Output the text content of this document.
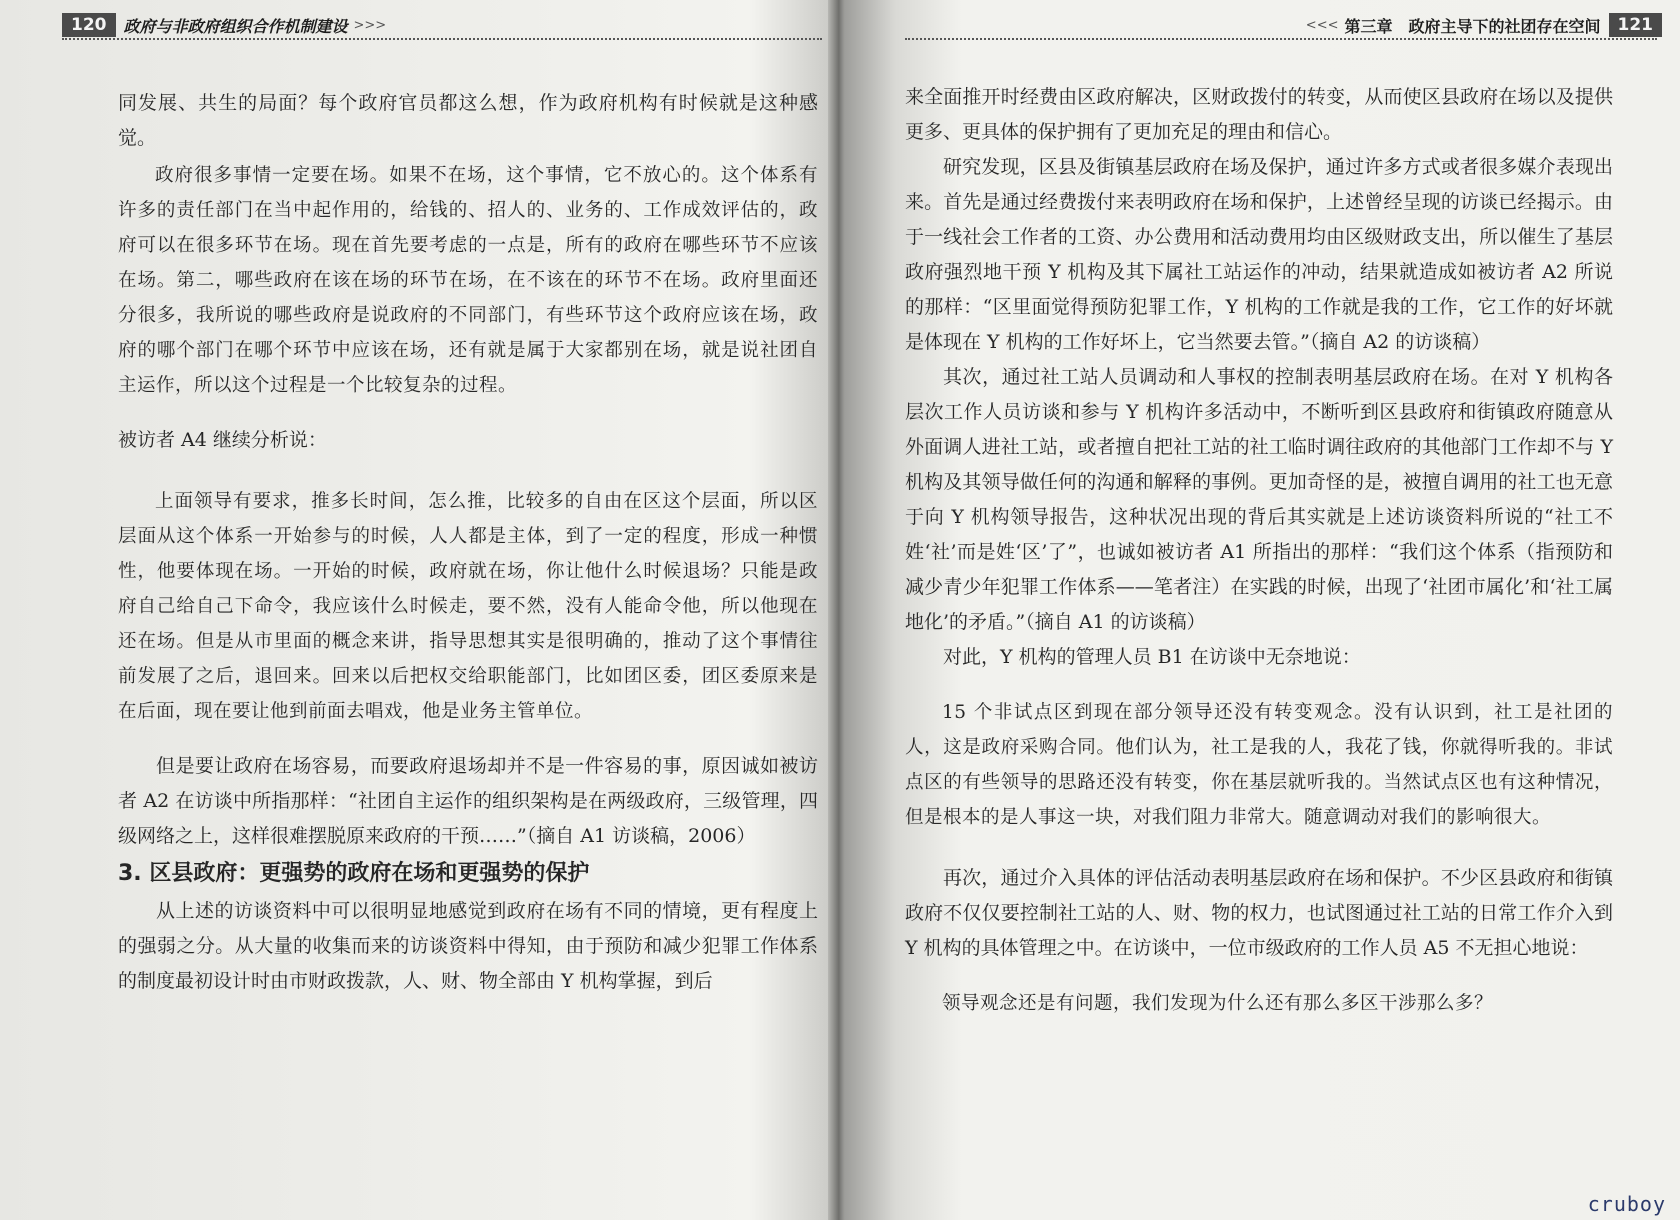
120	政府与非政府组织合作机制建设 >>>

同发展、共生的局面？每个政府官员都这么想，作为政府机构有时候就是这种感觉。

政府很多事情一定要在场。如果不在场，这个事情，它不放心的。这个体系有许多的责任部门在当中起作用的，给钱的、招人的、业务的、工作成效评估的，政府可以在很多环节在场。现在首先要考虑的一点是，所有的政府在哪些环节不应该在场。第二，哪些政府在该在场的环节在场，在不该在的环节不在场。政府里面还分很多，我所说的哪些政府是说政府的不同部门，有些环节这个政府应该在场，政府的哪个部门在哪个环节中应该在场，还有就是属于大家都别在场，就是说社团自主运作，所以这个过程是一个比较复杂的过程。

被访者 A4 继续分析说：

上面领导有要求，推多长时间，怎么推，比较多的自由在区这个层面，所以区层面从这个体系一开始参与的时候，人人都是主体，到了一定的程度，形成一种惯性，他要体现在场。一开始的时候，政府就在场，你让他什么时候退场？只能是政府自己给自己下命令，我应该什么时候走，要不然，没有人能命令他，所以他现在还在场。但是从市里面的概念来讲，指导思想其实是很明确的，推动了这个事情往前发展了之后，退回来。回来以后把权交给职能部门，比如团区委，团区委原来是在后面，现在要让他到前面去唱戏，他是业务主管单位。

但是要让政府在场容易，而要政府退场却并不是一件容易的事，原因诚如被访者 A2 在访谈中所指那样：“社团自主运作的组织架构是在两级政府，三级管理，四级网络之上，这样很难摆脱原来政府的干预……”（摘自 A1 访谈稿，2006）

3. 区县政府：更强势的政府在场和更强势的保护

从上述的访谈资料中可以很明显地感觉到政府在场有不同的情境，更有程度上的强弱之分。从大量的收集而来的访谈资料中得知，由于预防和减少犯罪工作体系的制度最初设计时由市财政拨款，人、财、物全部由 Y 机构掌握，到后

<<< 第三章　政府主导下的社团存在空间	121

来全面推开时经费由区政府解决，区财政拨付的转变，从而使区县政府在场以及提供更多、更具体的保护拥有了更加充足的理由和信心。

研究发现，区县及街镇基层政府在场及保护，通过许多方式或者很多媒介表现出来。首先是通过经费拨付来表明政府在场和保护，上述曾经呈现的访谈已经揭示。由于一线社会工作者的工资、办公费用和活动费用均由区级财政支出，所以催生了基层政府强烈地干预 Y 机构及其下属社工站运作的冲动，结果就造成如被访者 A2 所说的那样：“区里面觉得预防犯罪工作，Y 机构的工作就是我的工作，它工作的好坏就是体现在 Y 机构的工作好坏上，它当然要去管。”（摘自 A2 的访谈稿）

其次，通过社工站人员调动和人事权的控制表明基层政府在场。在对 Y 机构各层次工作人员访谈和参与 Y 机构许多活动中，不断听到区县政府和街镇政府随意从外面调人进社工站，或者擅自把社工站的社工临时调往政府的其他部门工作却不与 Y 机构及其领导做任何的沟通和解释的事例。更加奇怪的是，被擅自调用的社工也无意于向 Y 机构领导报告，这种状况出现的背后其实就是上述访谈资料所说的“社工不姓‘社’而是姓‘区’了”，也诚如被访者 A1 所指出的那样：“我们这个体系（指预防和减少青少年犯罪工作体系——笔者注）在实践的时候，出现了‘社团市属化’和‘社工属地化’的矛盾。”（摘自 A1 的访谈稿）

对此，Y 机构的管理人员 B1 在访谈中无奈地说：

15 个非试点区到现在部分领导还没有转变观念。没有认识到，社工是社团的人，这是政府采购合同。他们认为，社工是我的人，我花了钱，你就得听我的。非试点区的有些领导的思路还没有转变，你在基层就听我的。当然试点区也有这种情况，但是根本的是人事这一块，对我们阻力非常大。随意调动对我们的影响很大。

再次，通过介入具体的评估活动表明基层政府在场和保护。不少区县政府和街镇政府不仅仅要控制社工站的人、财、物的权力，也试图通过社工站的日常工作介入到 Y 机构的具体管理之中。在访谈中，一位市级政府的工作人员 A5 不无担心地说：

领导观念还是有问题，我们发现为什么还有那么多区干涉那么多？

cruboy
